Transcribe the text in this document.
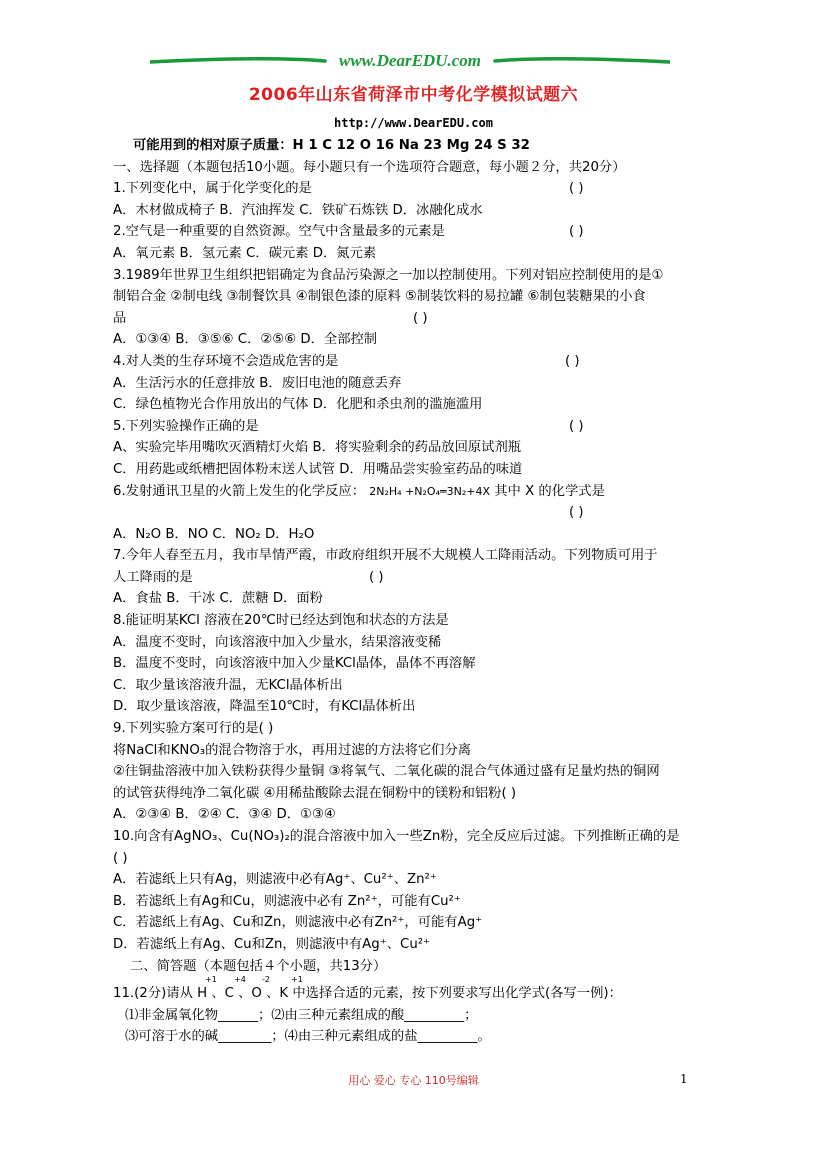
www.DearEDU.com
2006年山东省荷泽市中考化学模拟试题六
http://www.DearEDU.com
可能用到的相对原子质量：H 1 C 12 O 16 Na 23 Mg 24 S 32
一、选择题（本题包括10小题。每小题只有一个选项符合题意，每小题２分，共20分）
1.下列变化中，属于化学变化的是	( )
A．木材做成椅子 B．汽油挥发 C．铁矿石炼铁 D．冰融化成水
2.空气是一种重要的自然资源。空气中含量最多的元素是	( )
A．氧元素 B．氢元素 C．碳元素 D．氮元素
3.1989年世界卫生组织把铝确定为食品污染源之一加以控制使用。下列对铝应控制使用的是①
制铝合金 ②制电线 ③制餐饮具 ④制银色漆的原料 ⑤制装饮料的易拉罐 ⑥制包装糖果的小食
品	( )
A．①③④ B．③⑤⑥ C．②⑤⑥ D．全部控制
4.对人类的生存环境不会造成危害的是	( )
A．生活污水的任意排放 B．废旧电池的随意丢弃
C．绿色植物光合作用放出的气体 D．化肥和杀虫剂的滥施滥用
5.下列实验操作正确的是	( )
A、实验完毕用嘴吹灭酒精灯火焰 B．将实验剩余的药品放回原试剂瓶
C．用药匙或纸槽把固体粉末送人试管 D．用嘴品尝实验室药品的味道
6.发射通讯卫星的火箭上发生的化学反应： 2N₂H₄ +N₂O₄═3N₂+4X 其中 X 的化学式是
( )
A．N₂O B．NO C．NO₂ D．H₂O
7.今年人春至五月，我市旱情严霞，市政府组织开展不大规模人工降雨活动。下列物质可用于
人工降雨的是	( )
A．食盐 B．干冰 C．蔗糖 D．面粉
8.能证明某KCl 溶液在20℃时已经达到饱和状态的方法是
A．温度不变时，向该溶液中加入少量水，结果溶液变稀
B．温度不变时，向该溶液中加入少量KCl晶体，晶体不再溶解
C．取少量该溶液升温，无KCl晶体析出
D．取少量该溶液，降温至10℃时，有KCl晶体析出
9.下列实验方案可行的是( )
将NaCl和KNO₃的混合物溶于水，再用过滤的方法将它们分离
②往铜盐溶液中加入铁粉获得少量铜 ③将氧气、二氧化碳的混合气体通过盛有足量灼热的铜网
的试管获得纯净二氧化碳 ④用稀盐酸除去混在铜粉中的镁粉和铝粉( )
A．②③④ B．②④ C．③④ D．①③④
10.向含有AgNO₃、Cu(NO₃)₂的混合溶液中加入一些Zn粉，完全反应后过滤。下列推断正确的是
( )
A．若滤纸上只有Ag，则滤液中必有Ag⁺、Cu²⁺、Zn²⁺
B．若滤纸上有Ag和Cu，则滤液中必有 Zn²⁺，可能有Cu²⁺
C．若滤纸上有Ag、Cu和Zn，则滤液中必有Zn²⁺，可能有Ag⁺
D．若滤纸上有Ag、Cu和Zn，则滤液中有Ag⁺、Cu²⁺
二、简答题（本题包括４个小题，共13分）
+1 +4 -2	+1
11.(2分)请从 H 、C 、O 、K 中选择合适的元素，按下列要求写出化学式(各写一例)：
⑴非金属氧化物______；⑵由三种元素组成的酸_________；
⑶可溶于水的碱________；⑷由三种元素组成的盐_________。
用心 爱心 专心 110号编辑	1
